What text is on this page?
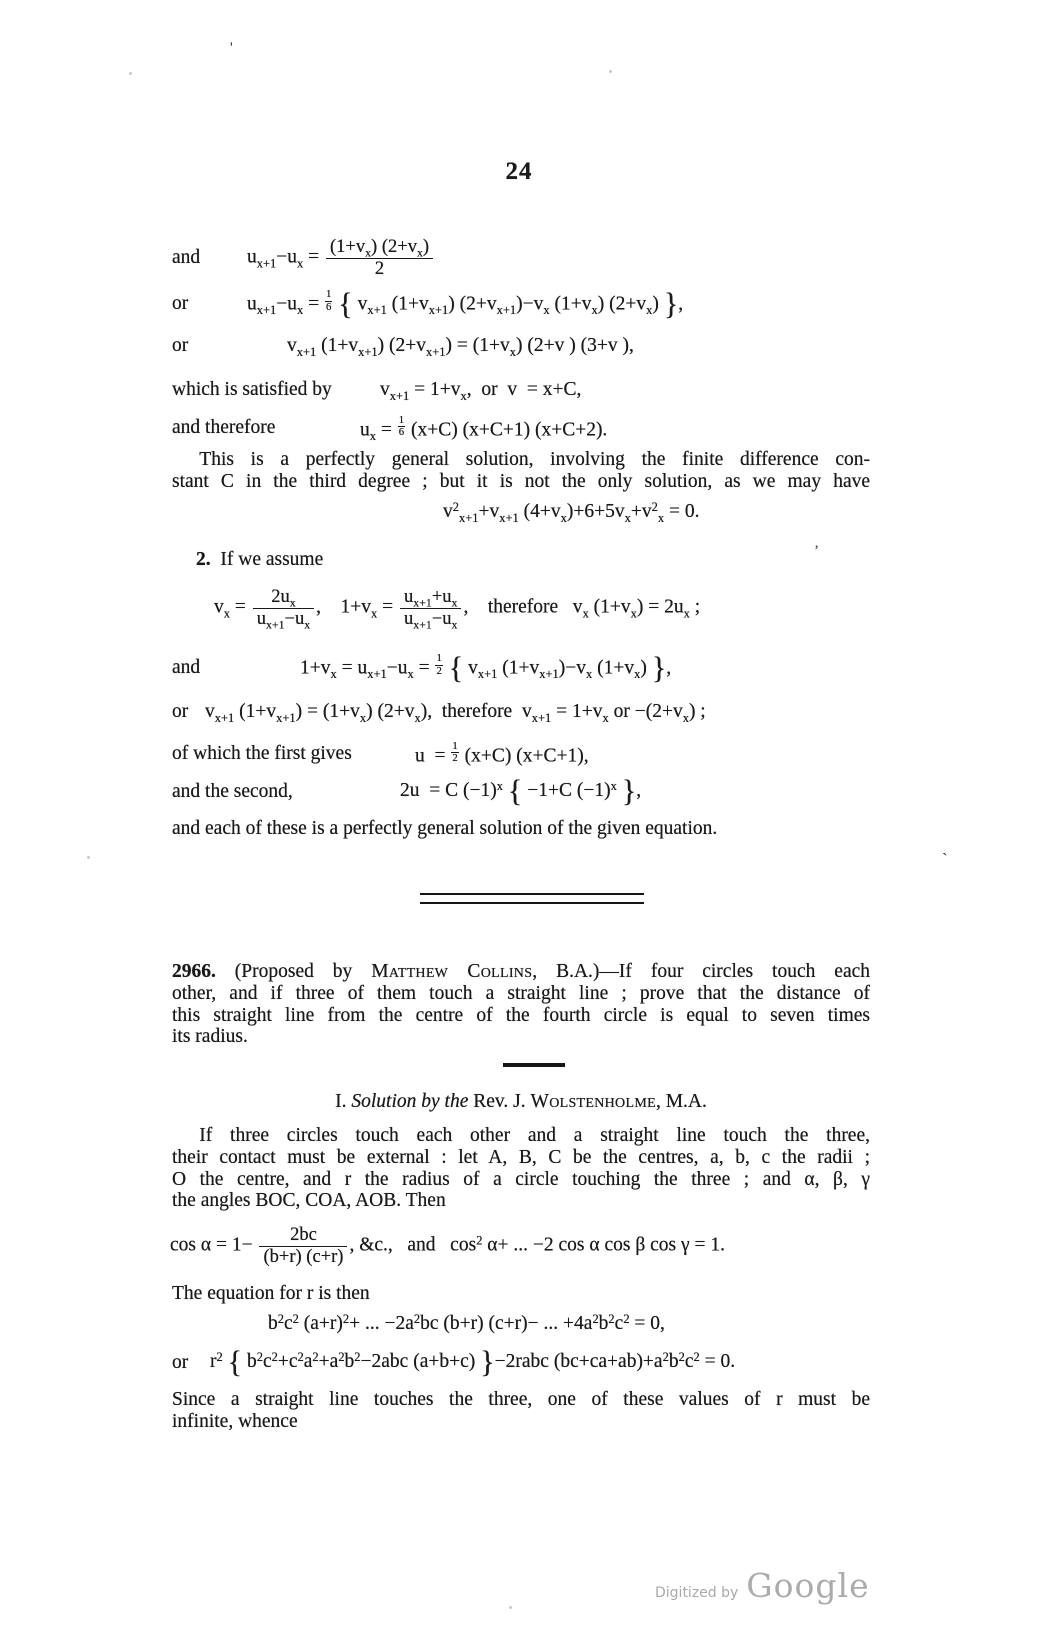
'
’
`
24
and	$u_{x+1}-u_x = \frac{(1+v_x) (2+v_x)}{2}$
or	$u_{x+1}-u_x = \frac{1}{6}$ { $v_{x+1}$ $(1+v_{x+1})$ $(2+v_{x+1})-v_x$ $(1+v_x)$ $(2+v_x)$ },
or	$v_{x+1}$ $(1+v_{x+1}) (2+v_{x+1}) = (1+v_x)$ (2+v ) (3+v ),
which is satisfied by	$v_{x+1} = 1+v_x$,  or  v  = x+C,
and therefore	$u_x = \frac{1}{6} (x+C)$ (x+C+1) (x+C+2).
This is a perfectly general solution, involving the finite difference con-
stant C in the third degree ; but it is not the only solution, as we may have
$v^2_{x+1}+v_{x+1}$ $(4+v_x)+6+5v_x+v^2_x = 0$.
2.  If we assume
$v_x = \frac{2u_x}{u_{x+1}-u_x}$ ,    $1+v_x = \frac{u_{x+1}+u_x}{u_{x+1}-u_x}$ ,    therefore   $v_x$ $(1+v_x) = 2u_x$ ;
and	$1+v_x = u_{x+1}-u_x = \frac{1}{2}$ { $v_{x+1}$ $(1+v_{x+1})-v_x$ $(1+v_x)$ },
or $v_{x+1}$ $(1+v_{x+1}) = (1+v_x)$ $(2+v_x)$,  therefore  $v_{x+1} = 1+v_x$ or $-(2+v_x)$ ;
of which the first gives	$u = \frac{1}{2} (x+C)$ (x+C+1),
and the second,	2u  = C $(-1)^x$ { −1+C $(-1)^x$ },
and each of these is a perfectly general solution of the given equation.
2966. (Proposed by Matthew Collins, B.A.)—If four circles touch each
other, and if three of them touch a straight line ; prove that the distance of
this straight line from the centre of the fourth circle is equal to seven times
its radius.
I. Solution by the Rev. J. Wolstenholme, M.A.
If three circles touch each other and a straight line touch the three,
their contact must be external : let A, B, C be the centres, a, b, c the radii ;
O the centre, and r the radius of a circle touching the three ; and α, β, γ
the angles BOC, COA, AOB. Then
$\cos \alpha = 1- \frac{2bc}{(b+r) (c+r)}$ , &c.,   and   $\cos^2 \alpha+$ ... −2 cos α cos β cos γ = 1.
The equation for r is then
$b^2c^2$ $(a+r)^2+$ ... $-2a^2bc$ (b+r) (c+r)− ... $+4a^2b^2c^2 = 0$,
or	$r^2$ { $b^2c^2+c^2a^2+a^2b^2-2abc$ (a+b+c) }−2rabc $(bc+ca+ab)+a^2b^2c^2 = 0$.
Since a straight line touches the three, one of these values of r must be
infinite, whence
Digitized by Google
